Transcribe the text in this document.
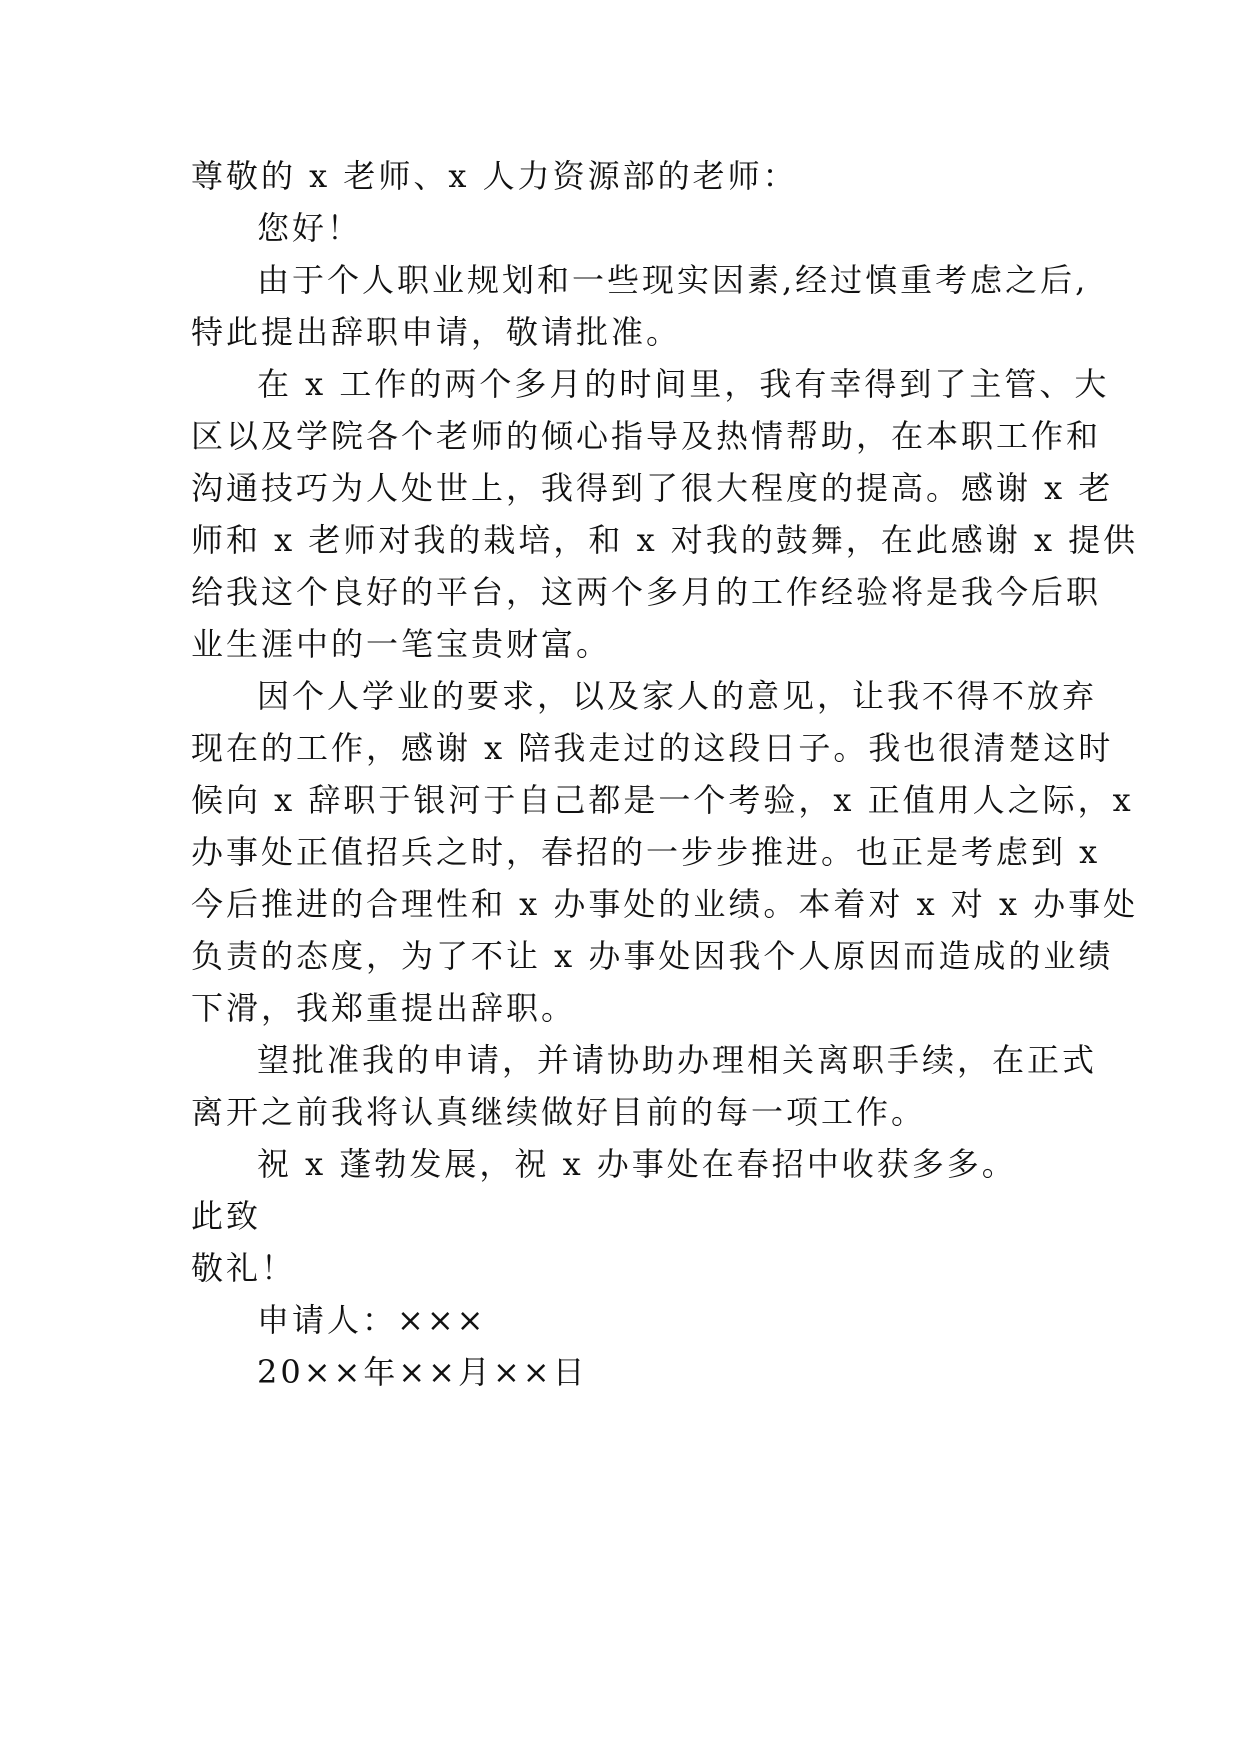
尊敬的 x 老师、x 人力资源部的老师：
您好！
由于个人职业规划和一些现实因素,经过慎重考虑之后,
特此提出辞职申请，敬请批准。
在 x 工作的两个多月的时间里，我有幸得到了主管、大
区以及学院各个老师的倾心指导及热情帮助，在本职工作和
沟通技巧为人处世上，我得到了很大程度的提高。感谢 x 老
师和 x 老师对我的栽培，和 x 对我的鼓舞，在此感谢 x 提供
给我这个良好的平台，这两个多月的工作经验将是我今后职
业生涯中的一笔宝贵财富。
因个人学业的要求，以及家人的意见，让我不得不放弃
现在的工作，感谢 x 陪我走过的这段日子。我也很清楚这时
候向 x 辞职于银河于自己都是一个考验，x 正值用人之际，x
办事处正值招兵之时，春招的一步步推进。也正是考虑到 x
今后推进的合理性和 x 办事处的业绩。本着对 x 对 x 办事处
负责的态度，为了不让 x 办事处因我个人原因而造成的业绩
下滑，我郑重提出辞职。
望批准我的申请，并请协助办理相关离职手续，在正式
离开之前我将认真继续做好目前的每一项工作。
祝 x 蓬勃发展，祝 x 办事处在春招中收获多多。
此致
敬礼！
申请人：×××
20××年××月××日
